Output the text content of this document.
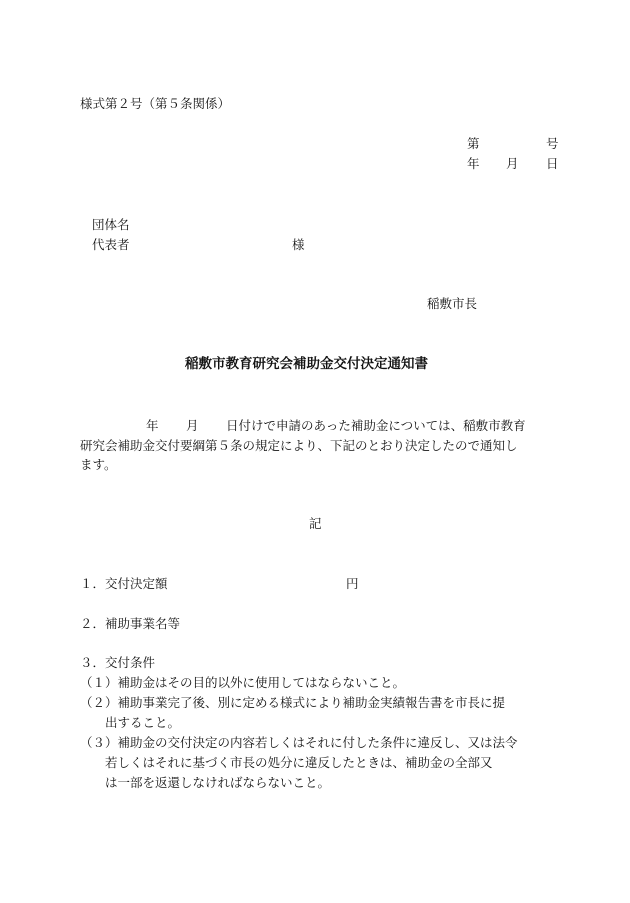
様式第２号（第５条関係）
第	号
年 月 日
団体名
代表者	様
稲敷市長
稲敷市教育研究会補助金交付決定通知書
年 月 日付けで申請のあった補助金については、稲敷市教育
研究会補助金交付要綱第５条の規定により、下記のとおり決定したので通知し
ます。
記
１．交付決定額	円
２．補助事業名等
３．交付条件
（１）補助金はその目的以外に使用してはならないこと。
（２）補助事業完了後、別に定める様式により補助金実績報告書を市長に提
出すること。
（３）補助金の交付決定の内容若しくはそれに付した条件に違反し、又は法令
若しくはそれに基づく市長の処分に違反したときは、補助金の全部又
は一部を返還しなければならないこと。
